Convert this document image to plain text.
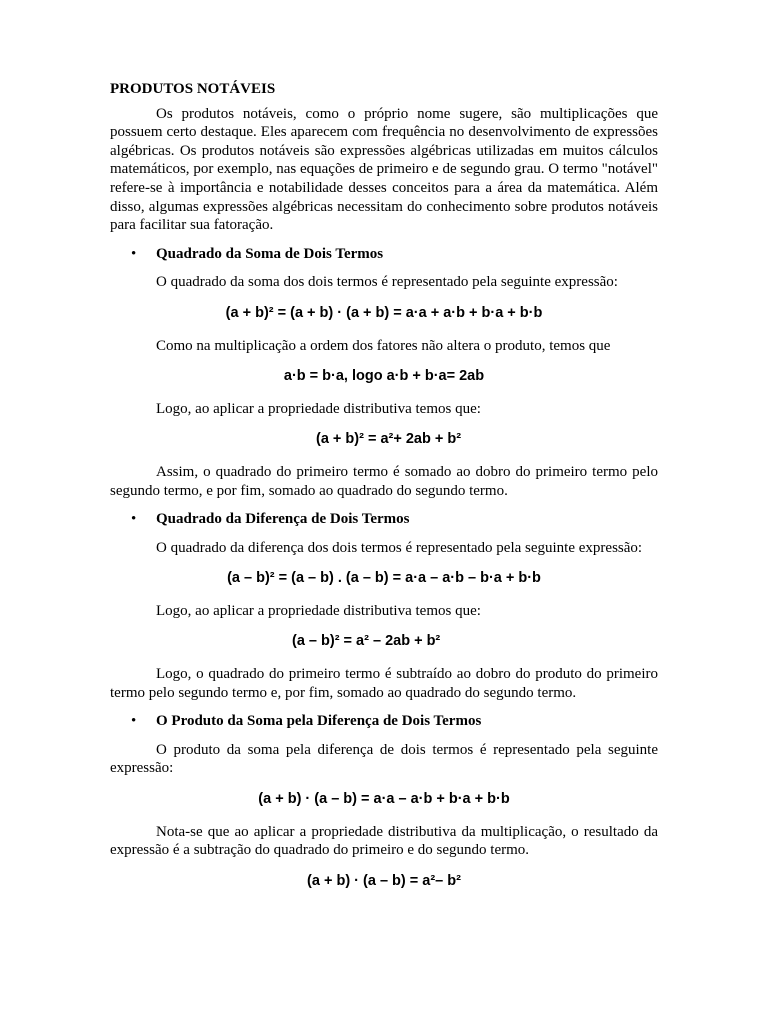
PRODUTOS NOTÁVEIS

Os produtos notáveis, como o próprio nome sugere, são multiplicações que possuem certo destaque. Eles aparecem com frequência no desenvolvimento de expressões algébricas. Os produtos notáveis são expressões algébricas utilizadas em muitos cálculos matemáticos, por exemplo, nas equações de primeiro e de segundo grau. O termo "notável" refere-se à importância e notabilidade desses conceitos para a área da matemática. Além disso, algumas expressões algébricas necessitam do conhecimento sobre produtos notáveis para facilitar sua fatoração.

• Quadrado da Soma de Dois Termos

O quadrado da soma dos dois termos é representado pela seguinte expressão:

(a + b)² = (a + b) · (a + b) = a·a + a·b + b·a + b·b

Como na multiplicação a ordem dos fatores não altera o produto, temos que

a·b = b·a, logo a·b + b·a= 2ab

Logo, ao aplicar a propriedade distributiva temos que:

(a + b)² = a²+ 2ab + b²

Assim, o quadrado do primeiro termo é somado ao dobro do primeiro termo pelo segundo termo, e por fim, somado ao quadrado do segundo termo.

• Quadrado da Diferença de Dois Termos

O quadrado da diferença dos dois termos é representado pela seguinte expressão:

(a – b)² = (a – b) . (a – b) = a·a – a·b – b·a + b·b

Logo, ao aplicar a propriedade distributiva temos que:

(a – b)² = a² – 2ab + b²

Logo, o quadrado do primeiro termo é subtraído ao dobro do produto do primeiro termo pelo segundo termo e, por fim, somado ao quadrado do segundo termo.

• O Produto da Soma pela Diferença de Dois Termos

O produto da soma pela diferença de dois termos é representado pela seguinte expressão:

(a + b) · (a – b) = a·a – a·b + b·a + b·b

Nota-se que ao aplicar a propriedade distributiva da multiplicação, o resultado da expressão é a subtração do quadrado do primeiro e do segundo termo.

(a + b) · (a – b) = a²– b²
